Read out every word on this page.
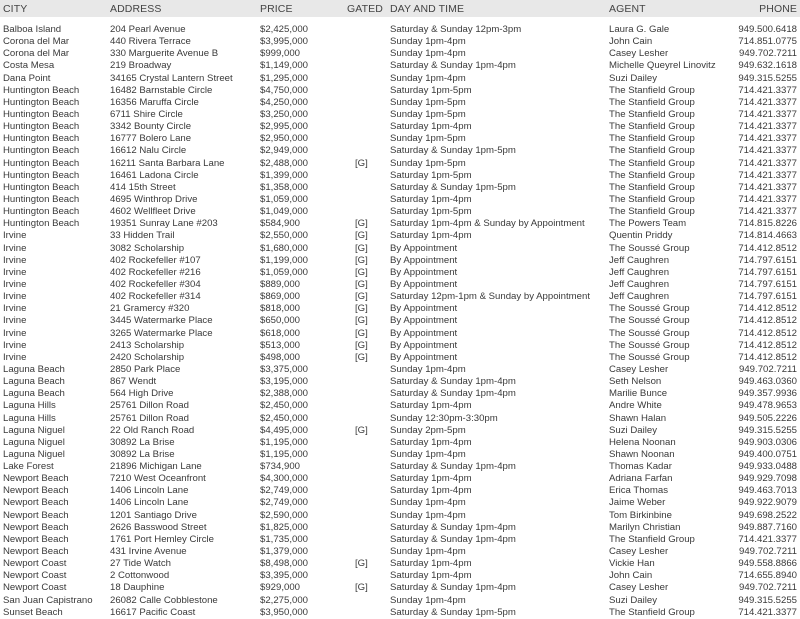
CITY	ADDRESS	PRICE	GATED DAY AND TIME	AGENT	PHONE
Balboa Island	204 Pearl Avenue	$2,425,000	Saturday & Sunday 12pm-3pm	Laura G. Gale	949.500.6418
Corona del Mar	440 Rivera Terrace	$3,995,000	Sunday 1pm-4pm	John Cain	714.851.0775
Corona del Mar	330 Marguerite Avenue B	$999,000	Sunday 1pm-4pm	Casey Lesher	949.702.7211
Costa Mesa	219 Broadway	$1,149,000	Saturday & Sunday 1pm-4pm	Michelle Queyrel Linovitz 949.632.1618
Dana Point	34165 Crystal Lantern Street	$1,295,000	Sunday 1pm-4pm	Suzi Dailey	949.315.5255
Huntington Beach	16482 Barnstable Circle	$4,750,000	Saturday 1pm-5pm	The Stanfield Group	714.421.3377
Huntington Beach	16356 Maruffa Circle	$4,250,000	Sunday 1pm-5pm	The Stanfield Group	714.421.3377
Huntington Beach	6711 Shire Circle	$3,250,000	Sunday 1pm-5pm	The Stanfield Group	714.421.3377
Huntington Beach	3342 Bounty Circle	$2,995,000	Saturday 1pm-4pm	The Stanfield Group	714.421.3377
Huntington Beach	16777 Bolero Lane	$2,950,000	Sunday 1pm-5pm	The Stanfield Group	714.421.3377
Huntington Beach	16612 Nalu Circle	$2,949,000	Saturday & Sunday 1pm-5pm	The Stanfield Group	714.421.3377
Huntington Beach	16211 Santa Barbara Lane	$2,488,000	[G] Sunday 1pm-5pm	The Stanfield Group	714.421.3377
Huntington Beach	16461 Ladona Circle	$1,399,000	Saturday 1pm-5pm	The Stanfield Group	714.421.3377
Huntington Beach	414 15th Street	$1,358,000	Saturday & Sunday 1pm-5pm	The Stanfield Group	714.421.3377
Huntington Beach	4695 Winthrop Drive	$1,059,000	Saturday 1pm-4pm	The Stanfield Group	714.421.3377
Huntington Beach	4602 Wellfleet Drive	$1,049,000	Saturday 1pm-5pm	The Stanfield Group	714.421.3377
Huntington Beach	19351 Sunray Lane #203	$584,900	[G] Saturday 1pm-4pm & Sunday by Appointment	The Powers Team	714.815.8226
Irvine	33 Hidden Trail	$2,550,000	[G] Saturday 1pm-4pm	Quentin Priddy	714.814.4663
Irvine	3082 Scholarship	$1,680,000	[G] By Appointment	The Soussé Group	714.412.8512
Irvine	402 Rockefeller #107	$1,199,000	[G] By Appointment	Jeff Caughren	714.797.6151
Irvine	402 Rockefeller #216	$1,059,000	[G] By Appointment	Jeff Caughren	714.797.6151
Irvine	402 Rockefeller #304	$889,000	[G] By Appointment	Jeff Caughren	714.797.6151
Irvine	402 Rockefeller #314	$869,000	[G] Saturday 12pm-1pm & Sunday by Appointment Jeff Caughren	714.797.6151
Irvine	21 Gramercy #320	$818,000	[G] By Appointment	The Soussé Group	714.412.8512
Irvine	3445 Watermarke Place	$650,000	[G] By Appointment	The Soussé Group	714.412.8512
Irvine	3265 Watermarke Place	$618,000	[G] By Appointment	The Soussé Group	714.412.8512
Irvine	2413 Scholarship	$513,000	[G] By Appointment	The Soussé Group	714.412.8512
Irvine	2420 Scholarship	$498,000	[G] By Appointment	The Soussé Group	714.412.8512
Laguna Beach	2850 Park Place	$3,375,000	Sunday 1pm-4pm	Casey Lesher	949.702.7211
Laguna Beach	867 Wendt	$3,195,000	Saturday & Sunday 1pm-4pm	Seth Nelson	949.463.0360
Laguna Beach	564 High Drive	$2,388,000	Saturday & Sunday 1pm-4pm	Marilie Bunce	949.357.9936
Laguna Hills	25761 Dillon Road	$2,450,000	Saturday 1pm-4pm	Andre White	949.478.9653
Laguna Hills	25761 Dillon Road	$2,450,000	Sunday 12:30pm-3:30pm	Shawn Halan	949.505.2226
Laguna Niguel	22 Old Ranch Road	$4,495,000	[G] Sunday 2pm-5pm	Suzi Dailey	949.315.5255
Laguna Niguel	30892 La Brise	$1,195,000	Saturday 1pm-4pm	Helena Noonan	949.903.0306
Laguna Niguel	30892 La Brise	$1,195,000	Sunday 1pm-4pm	Shawn Noonan	949.400.0751
Lake Forest	21896 Michigan Lane	$734,900	Saturday & Sunday 1pm-4pm	Thomas Kadar	949.933.0488
Newport Beach	7210 West Oceanfront	$4,300,000	Saturday 1pm-4pm	Adriana Farfan	949.929.7098
Newport Beach	1406 Lincoln Lane	$2,749,000	Saturday 1pm-4pm	Erica Thomas	949.463.7013
Newport Beach	1406 Lincoln Lane	$2,749,000	Sunday 1pm-4pm	Jaime Weber	949.922.9079
Newport Beach	1201 Santiago Drive	$2,590,000	Sunday 1pm-4pm	Tom Birkinbine	949.698.2522
Newport Beach	2626 Basswood Street	$1,825,000	Saturday & Sunday 1pm-4pm	Marilyn Christian	949.887.7160
Newport Beach	1761 Port Hemley Circle	$1,735,000	Saturday & Sunday 1pm-4pm	The Stanfield Group	714.421.3377
Newport Beach	431 Irvine Avenue	$1,379,000	Sunday 1pm-4pm	Casey Lesher	949.702.7211
Newport Coast	27 Tide Watch	$8,498,000	[G] Saturday 1pm-4pm	Vickie Han	949.558.8866
Newport Coast	2 Cottonwood	$3,395,000	Saturday 1pm-4pm	John Cain	714.655.8940
Newport Coast	18 Dauphine	$929,000	[G] Saturday & Sunday 1pm-4pm	Casey Lesher	949.702.7211
San Juan Capistrano 26082 Calle Cobblestone	$2,275,000	Sunday 1pm-4pm	Suzi Dailey	949.315.5255
Sunset Beach	16617 Pacific Coast	$3,950,000	Saturday & Sunday 1pm-5pm	The Stanfield Group	714.421.3377
